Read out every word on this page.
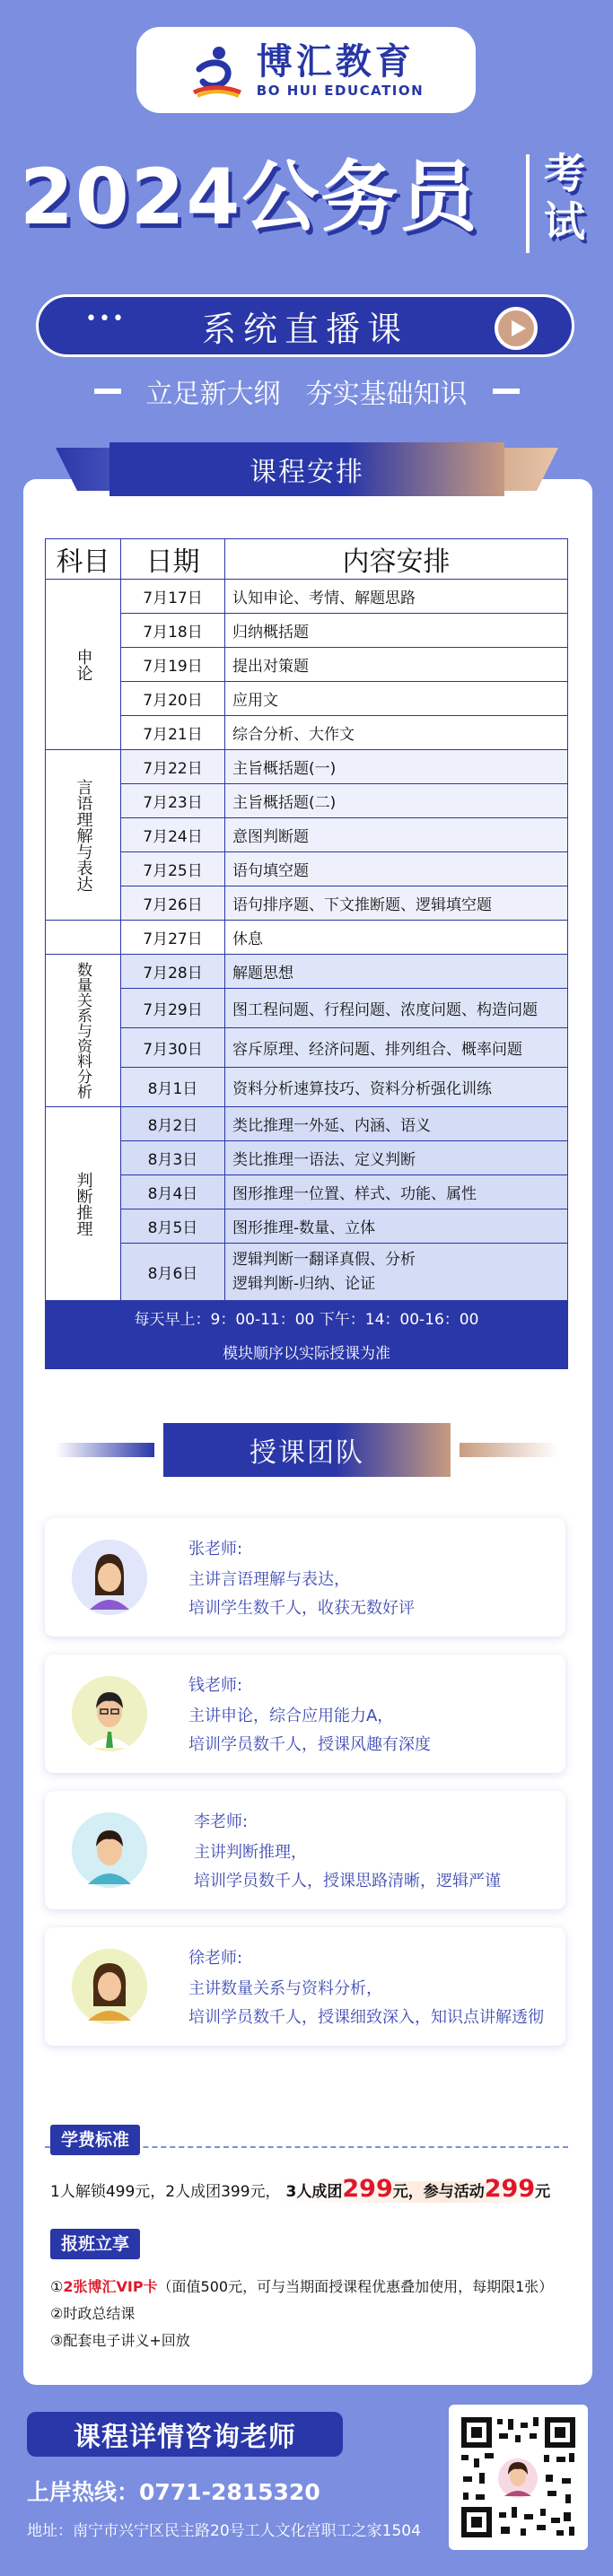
博汇教育
BO HUI EDUCATION
2024公务员 考试
••• 系统直播课
立足新大纲 夯实基础知识
课程安排
科目	日期	内容安排
申论	7月17日	认知申论、考情、解题思路
	7月18日	归纳概括题
	7月19日	提出对策题
	7月20日	应用文
	7月21日	综合分析、大作文
言语理解与表达	7月22日	主旨概括题(一)
	7月23日	主旨概括题(二)
	7月24日	意图判断题
	7月25日	语句填空题
	7月26日	语句排序题、下文推断题、逻辑填空题
	7月27日	休息
数量关系与资料分析	7月28日	解题思想
	7月29日	图工程问题、行程问题、浓度问题、构造问题
	7月30日	容斥原理、经济问题、排列组合、概率问题
	8月1日	资料分析速算技巧、资料分析强化训练
判断推理	8月2日	类比推理一外延、内涵、语义
	8月3日	类比推理一语法、定义判断
	8月4日	图形推理一位置、样式、功能、属性
	8月5日	图形推理-数量、立体
	8月6日	逻辑判断一翻译真假、分析
逻辑判断-归纳、论证

每天早上：9：00-11：00 下午：14：00-16：00		
模块顺序以实际授课为准		
授课团队
张老师:
主讲言语理解与表达，
培训学生数千人，收获无数好评
钱老师:
主讲申论，综合应用能力A，
培训学员数千人，授课风趣有深度
李老师:
主讲判断推理，
培训学员数千人，授课思路清晰，逻辑严谨
徐老师:
主讲数量关系与资料分析，
培训学员数千人，授课细致深入，知识点讲解透彻
学费标准
1人解锁499元，2人成团399元， 3人成团299元，参与活动299元
报班立享
①2张博汇VIP卡（面值500元，可与当期面授课程优惠叠加使用，每期限1张）
②时政总结课
③配套电子讲义+回放
课程详情咨询老师
上岸热线：0771-2815320
地址：南宁市兴宁区民主路20号工人文化宫职工之家1504
